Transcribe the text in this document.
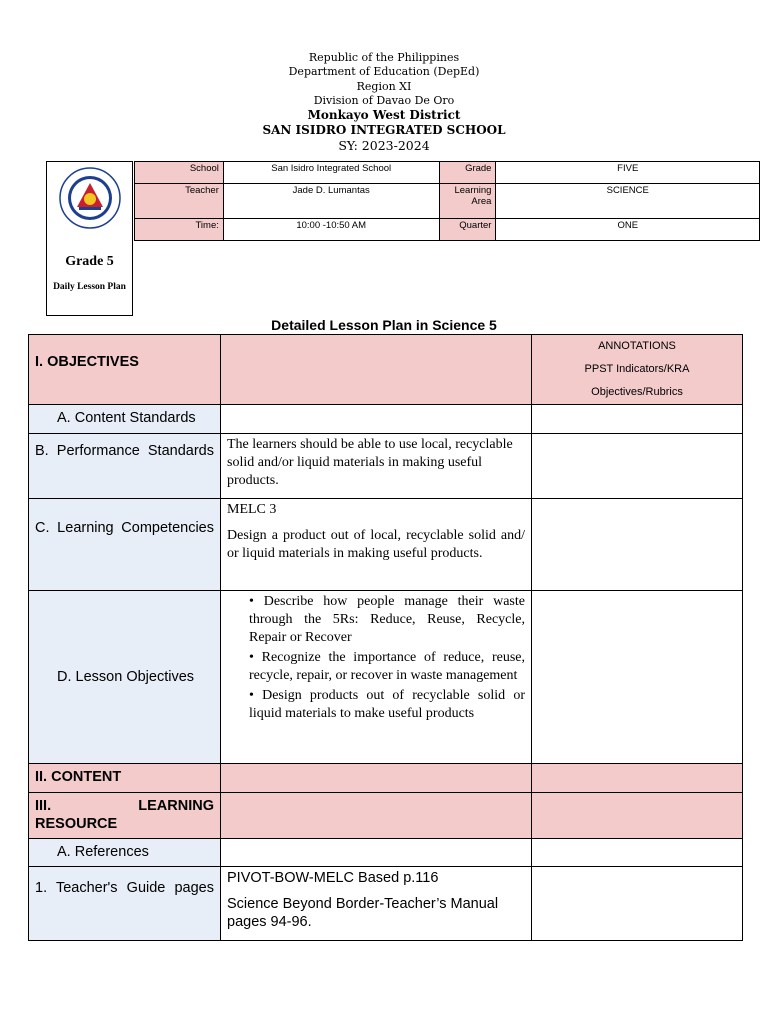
Republic of the Philippines
Department of Education (DepEd)
Region XI
Division of Davao De Oro
Monkayo West District
SAN ISIDRO INTEGRATED SCHOOL
SY: 2023-2024
Grade 5
Daily Lesson Plan
School	San Isidro Integrated School	Grade	FIVE
Teacher	Jade D. Lumantas	Learning Area	SCIENCE
Time:	10:00 -10:50 AM	Quarter	ONE
Detailed Lesson Plan in Science 5
I. OBJECTIVES		ANNOTATIONS
PPST Indicators/KRA
Objectives/Rubrics

A. Content Standards		

B. Performance Standards	The learners should be able to use local, recyclable solid and/or liquid materials in making useful products.	

C. Learning Competencies	MELC 3
Design a product out of local, recyclable solid and/ or liquid materials in making useful products.	

D. Lesson Objectives	• Describe how people manage their waste through the 5Rs: Reduce, Reuse, Recycle, Repair or Recover
• Recognize the importance of reduce, reuse, recycle, repair, or recover in waste management
• Design products out of recyclable solid or liquid materials to make useful products	

II. CONTENT		

III. LEARNING RESOURCE		

A. References		

1. Teacher's Guide pages	PIVOT-BOW-MELC Based p.116
Science Beyond Border-Teacher’s Manual pages 94-96.	
